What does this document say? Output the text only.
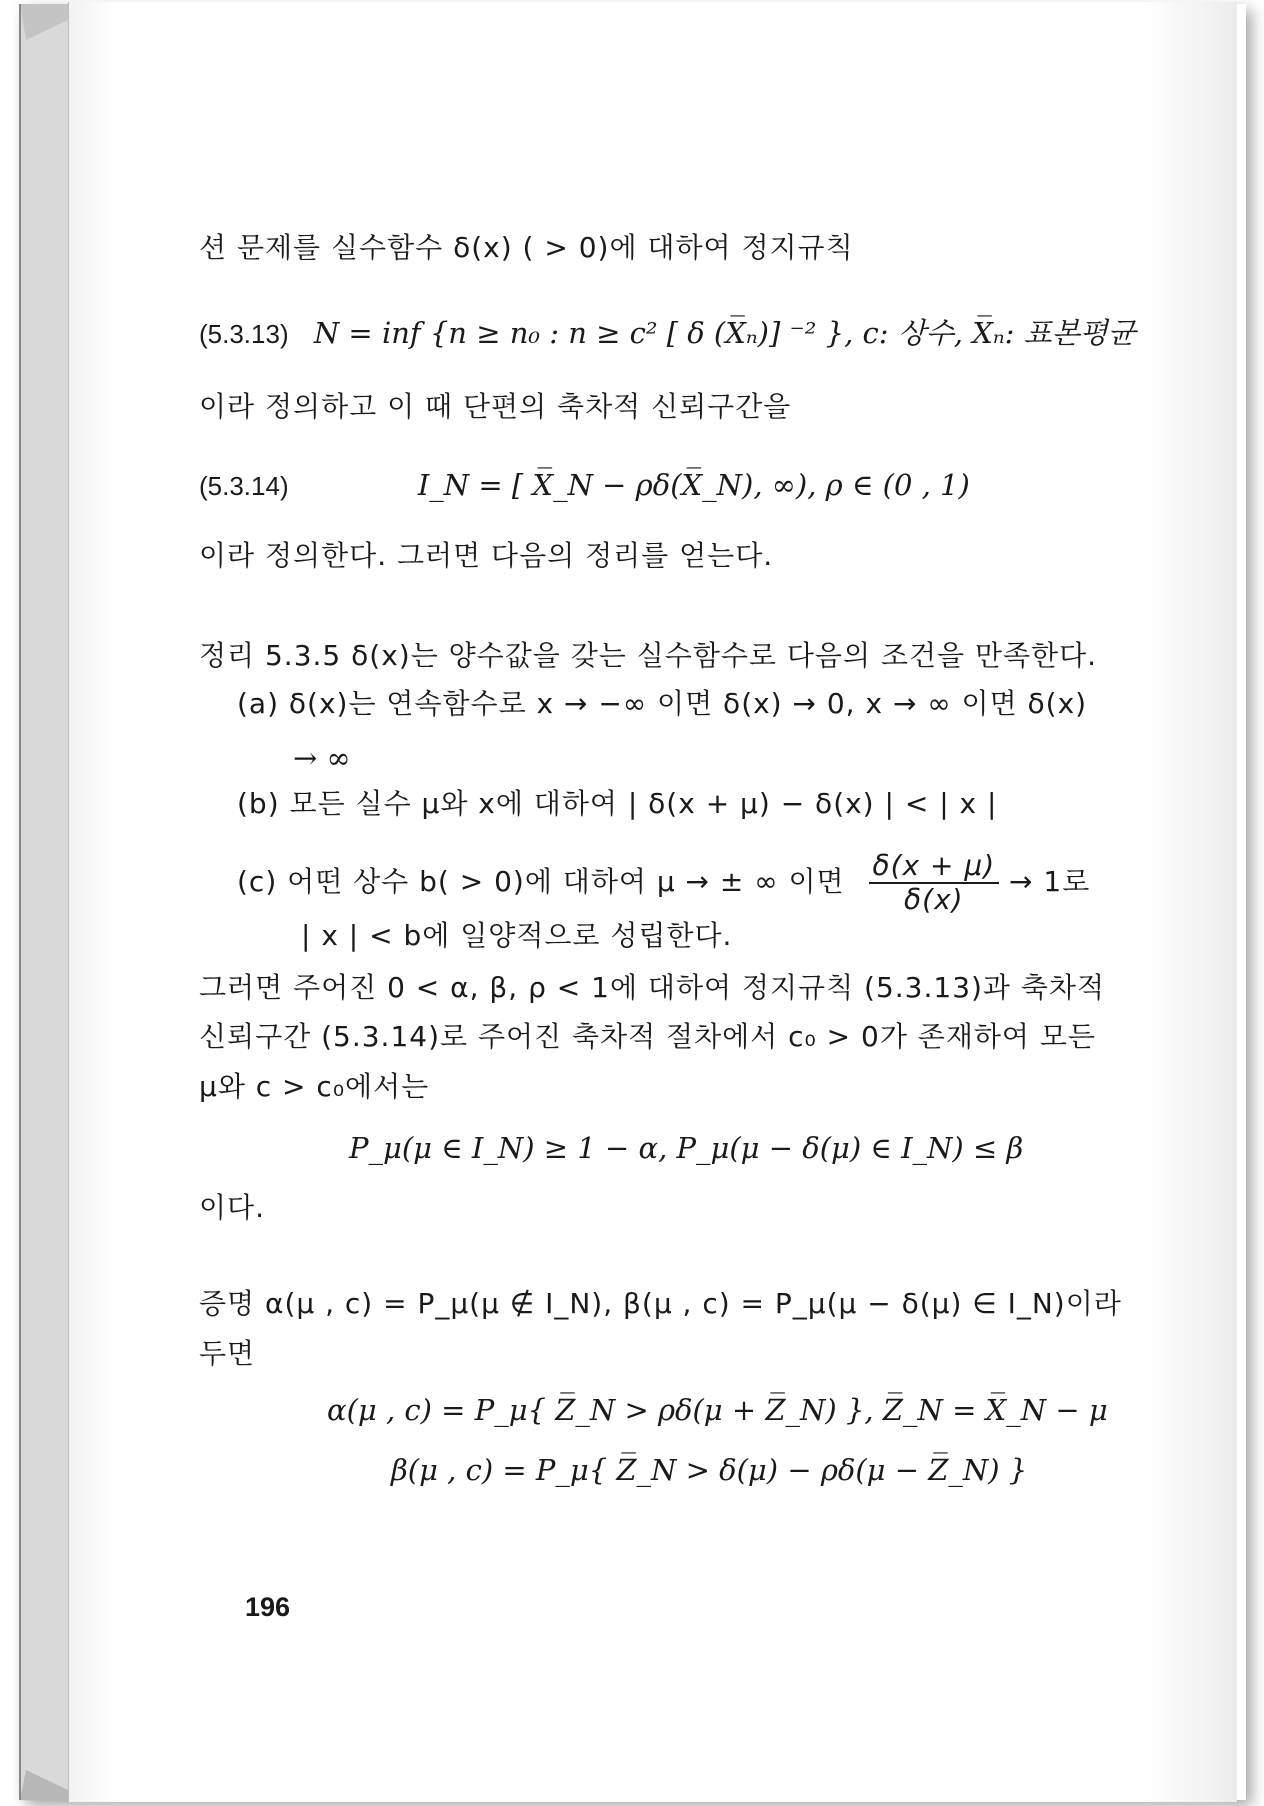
션 문제를 실수함수 δ(x) ( > 0)에 대하여 정지규칙
(5.3.13) N = inf {n ≥ n₀ : n ≥ c² [ δ (X̅ₙ)] ⁻² }, c: 상수, X̅ₙ: 표본평균
이라 정의하고 이 때 단편의 축차적 신뢰구간을
(5.3.14)	I_N = [ X̅_N − ρδ(X̅_N), ∞), ρ ∈ (0 , 1)
이라 정의한다. 그러면 다음의 정리를 얻는다.
정리 5.3.5 δ(x)는 양수값을 갖는 실수함수로 다음의 조건을 만족한다.
(a) δ(x)는 연속함수로 x → −∞ 이면 δ(x) → 0, x → ∞ 이면 δ(x)
→ ∞
(b) 모든 실수 μ와 x에 대하여 | δ(x + μ) − δ(x) | < | x |
(c) 어떤 상수 b( > 0)에 대하여 μ → ± ∞ 이면 $\frac{\delta(x + \mu)}{\delta(x)} \to 1$로
| x | < b에 일양적으로 성립한다.
그러면 주어진 0 < α, β, ρ < 1에 대하여 정지규칙 (5.3.13)과 축차적
신뢰구간 (5.3.14)로 주어진 축차적 절차에서 c₀ > 0가 존재하여 모든
μ와 c > c₀에서는
P_μ(μ ∈ I_N) ≥ 1 − α, P_μ(μ − δ(μ) ∈ I_N) ≤ β
이다.
증명 α(μ , c) = P_μ(μ ∉ I_N), β(μ , c) = P_μ(μ − δ(μ) ∈ I_N)이라
두면
α(μ , c) = P_μ{ Z̅_N > ρδ(μ + Z̅_N) }, Z̅_N = X̅_N − μ
β(μ , c) = P_μ{ Z̅_N > δ(μ) − ρδ(μ − Z̅_N) }
196
